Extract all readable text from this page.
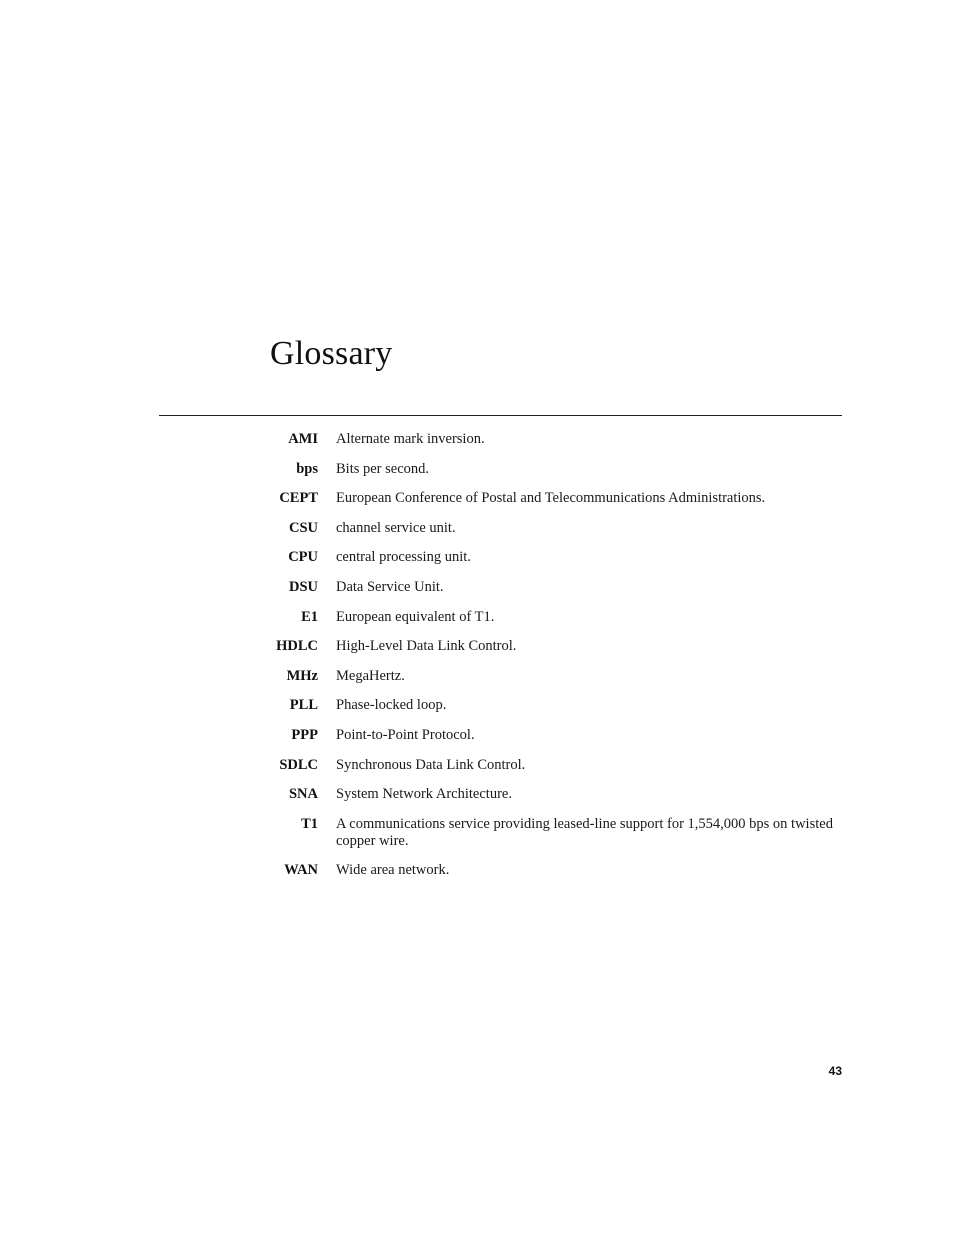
Glossary
AMI Alternate mark inversion.
bps Bits per second.
CEPT European Conference of Postal and Telecommunications Administrations.
CSU channel service unit.
CPU central processing unit.
DSU Data Service Unit.
E1 European equivalent of T1.
HDLC High-Level Data Link Control.
MHz MegaHertz.
PLL Phase-locked loop.
PPP Point-to-Point Protocol.
SDLC Synchronous Data Link Control.
SNA System Network Architecture.
T1 A communications service providing leased-line support for 1,554,000 bps on twisted copper wire.
WAN Wide area network.
43
